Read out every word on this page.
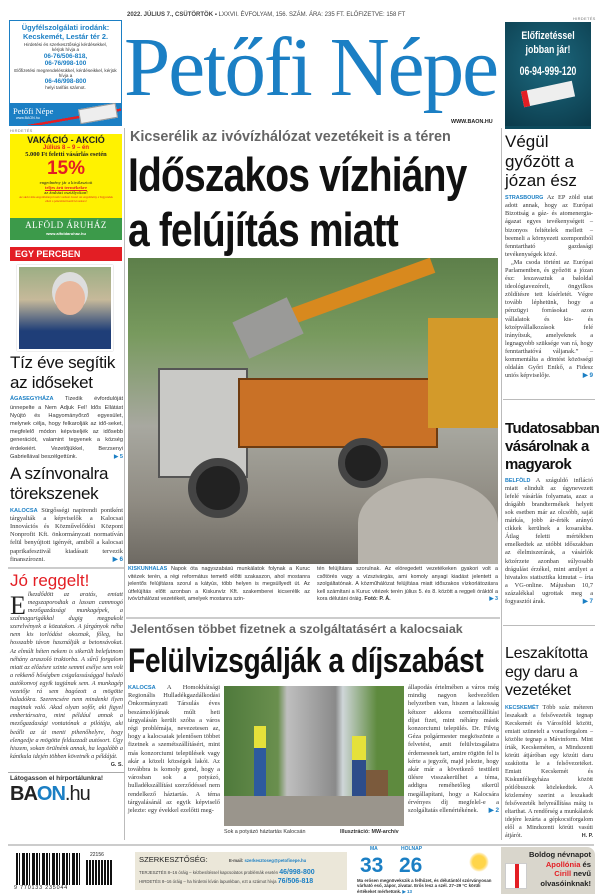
Ügyfélszolgálati irodánk:
Kecskemét, Lestár tér 2.
Hirdetési és szerkesztőségi kérdésekkel, kérjük hívja a
06-76/506-818,
06-76/998-100
Előfizetési megrendelésükkel, kérdéseikkel, kérjük hívja a
06-46/998-800
helyi tarifás számot.
Petőfi Népe
www.BAON.hu
2022. JÚLIUS 7., CSÜTÖRTÖK ▪ LXXVII. ÉVFOLYAM, 156. SZÁM. ÁRA: 235 FT. ELŐFIZETVE: 158 FT
Petőfi Népe
WWW.BAON.HU
HIRDETÉS
Előfizetéssel
jobban jár!
06-94-999-120
HIRDETÉS
VAKÁCIÓ - AKCIÓ
Július 8 – 9 – én
5.000 Ft feletti vásárlás esetén
15%
engedmény jár a kiválasztott
teljes árú termékekre
az áruházi osztályokon!
Az akció más engedménnyel nem vonható össze! Az engedmény a Tegyendek ellett a pénztárnál kerül levonásra!
ALFÖLD ÁRUHÁZ
www.alfoldaruhaz.hu
EGY PERCBEN
Tíz éve segítik az időseket
ÁGASEGYHÁZA Tizedik évfordulóját ünnepelte a Nem Adjuk Fel! Idős Ellátást Nyújtó és Hagyományőrző egyesület, melynek célja, hogy felkarolják az idő-seket, megfelelő módon képviseljék az idősebb generációt, valamint tegyenek a község érdekeiért. Vezetőjükkel, Berzsenyi Gabriellával beszélgettünk.	▶ 5
A színvonalra törekszenek
KALOCSA Sürgősségi napirendi pontként tárgyalták a képviselők a Kalocsai Innovációs és Közművelődési Központ Nonprofit Kft. önkormányzati normatíván felül benyújtott igényét, amiből a kalocsai paprikafesztivál kiadásait tervezik finanszírozni.	▶ 6
Jó reggelt!
E lkezdődött az aratás, emiatt megszaporodtak a lassan cammogó mezőgazdasági munkagépek, a szalmagurigákkal dugig megpakolt szerelvények a közutakon. A járgányok néha nem kis torlódást okoznak, főleg, ha hosszabb távon használják a betonsávokat. Az elmúlt héten nekem is sikerült belefutnom néhány araszoló traktorba. A sűrű forgalom miatt az előzésre szinte semmi esélye sem volt a rekkenő hőségben csigalassúsággal haladó autókonvoj egyik tagjának sem. A munkagép vezetője rá sem bagózott a mögötte haladókra. Szerencsére nem mindenki ilyen maginak való. Akad olyan sofőr, aki figyel embertársaira, mint például annak a mezőgazdasági vontatónak a pilótája, aki beállt az út menti pihenőhelyre, hogy elengedje a mögötte felduzzadt autósort. Úgy hiszem, sokan örülnénk annak, ha legalább a kánikula idején többen követnék a példáját.
G. S.
Látogasson el hírportálunkra!
BAON.hu
Kicserélik az ivóvízhálózat vezetékeit is a téren
Időszakos vízhiány
a felújítás miatt
KISKUNHALAS Napok óta nagyszabású munkálatok folynak a Kuruc vitézek terén, a régi református temető előtti szakaszon, ahol mostanra jelentős felújításra szorul a kátyús, több helyen is megsüllyedt út. Az útfelújítás előtt azonban a Kiskunvíz Kft. szakemberei kicserélik az ivóvízhálózat vezetékeit, amelyek mostanra szin-
tén felújításra szorulnak. Az elöregedett vezetékeken gyakori volt a csőtörés vagy a vízszivárgás, ami komoly anyagi kiadást jelentett a szolgáltatónak. A közműhálózat felújítása miatt időszakos vízkorlátozásra kell számítani a Kuruc vitézek terén július 5. és 8. között a reggeli óráktól a kora délutáni óráig. Fotó: P. Á.	▶ 3
Jelentősen többet fizetnek a szolgáltatásért a kalocsaiak
Felülvizsgálják a díjszabást
KALOCSA A Homokhátsági Regionális Hulladékgazdálkodási Önkormányzati Társulás éves beszámolójának múlt heti tárgyalásán került szóba a város régi problémája, nevezetesen az, hogy a kalocsaiak jelentősen többet fizetnek a szemétszállításért, mint más konzorciumi települések vagy akár a közeli községek lakói. Az továbbra is komoly gond, hogy a városban sok a potyázó, hulladékszállítási szerződéssel nem rendelkező háztartás. A téma tárgyalásánál az egyik képviselő jelezte: egy évekkel ezelőtti meg-
Sok a potyázó háztartás Kalocsán	Illusztráció: MW-archív
állapodás értelmében a város még mindig nagyon kedvezőtlen helyzetben van, hiszen a lakosság kétszer akkora szemétszállítási díjat fizet, mint néhány másik konzorciumi település. Dr. Filvig Géza polgármester megköszönte a felvetést, amit felülvizsgálatra érdemesnek tart, amire rögtön fel is kérte a jegyzőt, majd jelezte, hogy akár már a következő testületi ülésre visszakerülhet a téma, addigra reméhetőleg sikerül megállapítani, hogy a Kalocsára érvényes díj megfelel-e a szolgáltatás ellenértékének. ▶ 2
Végül győzött a józan ész
STRASBOURG Az EP zöld utat adott annak, hogy az Európai Bizottság a gáz- és atomenergia-ágazat egyes tevékenységeit – bizonyos feltételek mellett – beemeli a környezeti szempontból fenntartható gazdasági tevékenységek közé.
„Ma csoda történt az Európai Parlamentben, és győzött a józan ész: leszavaztuk a baloldal ideológiavezérelt, öngyilkos zöldítésre tett kísérletét. Végre tovább léphetünk, hogy a pénzügyi forrásokat azon vállalatok és kis- és középvállalkozások felé irányítsuk, amelyeknek a legnagyobb szüksége van rá, hogy fenntarthatóvá váljanak.” – kommentálta a döntést közösségi oldalán Győri Enikő, a Fidesz uniós képviselője.	▶ 9
Tudatosabban vásárolnak a magyarok
BELFÖLD A száguldó infláció miatt elindult az úgynevezett lefelé vásárlás folyamata, azaz a drágább brandtermékek helyett sok esetben már az olcsóbb, saját márkás, jobb ár-érték arányú cikkek kerülnek a kosarakba. Átlag feletti mértékben emelkedtek az utóbbi időszakban az élelmiszerárak, a vásárlók közérzete azonban súlyosabb drágulást érzékel, mint amilyet a hivatalos statisztika kimutat – írta a VG-online. Májusban 10,7 százalékkal ugrottak meg a fogyasztói árak.	▶ 7
Leszakította egy daru a vezetéket
KECSKEMÉT Több száz méteren leszakadt a felsővezeték tegnap Kecskemét és Városföld között, emiatt szünetelt a vonatforgalom – közölte tegnap a Mávinform. Mint írták, Kecskeméten, a Mindszenti körúti átjáróban egy közúti daru szakította le a felsővezetéket. Emiatt Kecskemét és Kiskunfélegyháza között pótlóbuszok közlekedtek. A közlemény szerint a leszakadt felsővezeték helyreállítása máig is eltarthat. A rendőrség a munkálatok idejére lezárta a gépkocsiforgalom elől a Mindszenti körúti vasúti átjárót.	H. P.
22156
9 770133 235044
SZERKESZTŐSÉG:	E-mail: szerkesztoseg@petofinepe.hu
TERJESZTÉS 8–16 óráig – kézbesítéssel kapcsolatos problémák esetén 46/998-800
HIRDETÉS 8–16 óráig – ha hirdetni kíván lapunkban, ezt a számot hívja 76/506-818
MA
33
HOLNAP
26
Ma erősen megnövekszik a felhőzet, és délutántól szórványosan várható eső, zápor, zivatar. Erős lesz a szél. 27–29 °C körüli értékeket mérhetünk. ▶ 13
Boldog névnapot
Apollónia és
Cirill nevű
olvasóinknak!
